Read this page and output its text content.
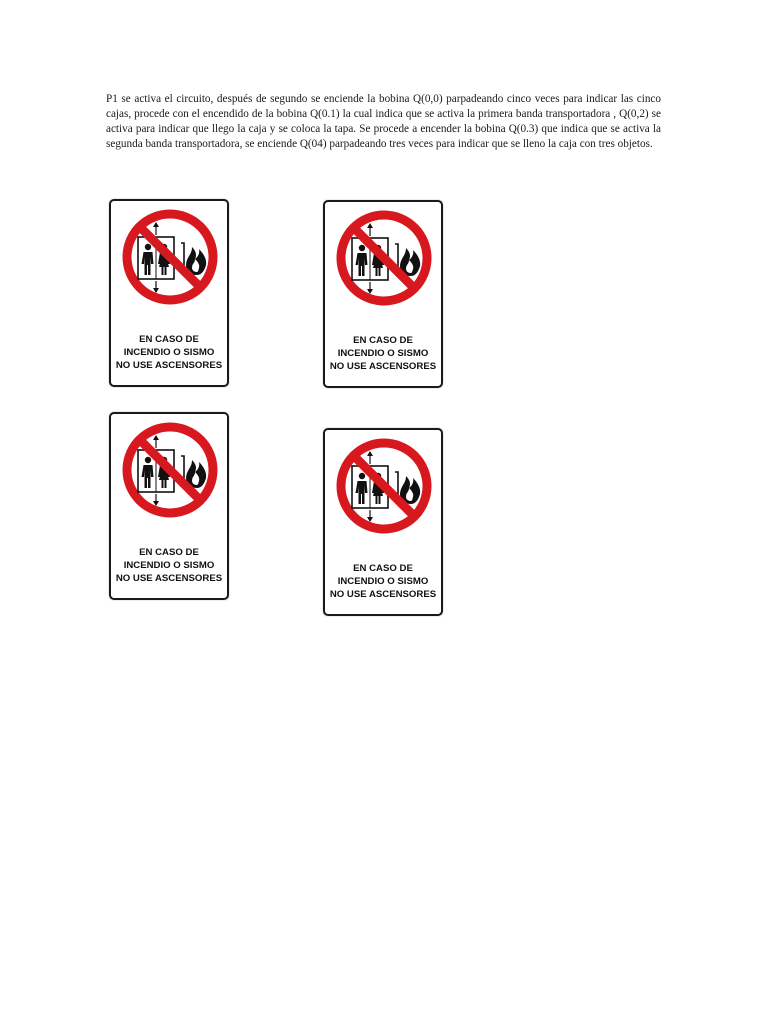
P1 se activa el circuito, después de segundo se enciende la bobina Q(0,0) parpadeando cinco veces para indicar las cinco cajas, procede con el encendido de la bobina Q(0.1) la cual indica que se activa la primera banda transportadora , Q(0,2) se activa para indicar que llego la caja y se coloca la tapa. Se procede a encender la bobina Q(0.3) que indica que se activa la segunda banda transportadora, se enciende Q(04) parpadeando tres veces para indicar que se lleno la caja con tres objetos.

EN CASO DE
INCENDIO O SISMO
NO USE ASCENSORES
EN CASO DE
INCENDIO O SISMO
NO USE ASCENSORES
EN CASO DE
INCENDIO O SISMO
NO USE ASCENSORES
EN CASO DE
INCENDIO O SISMO
NO USE ASCENSORES
